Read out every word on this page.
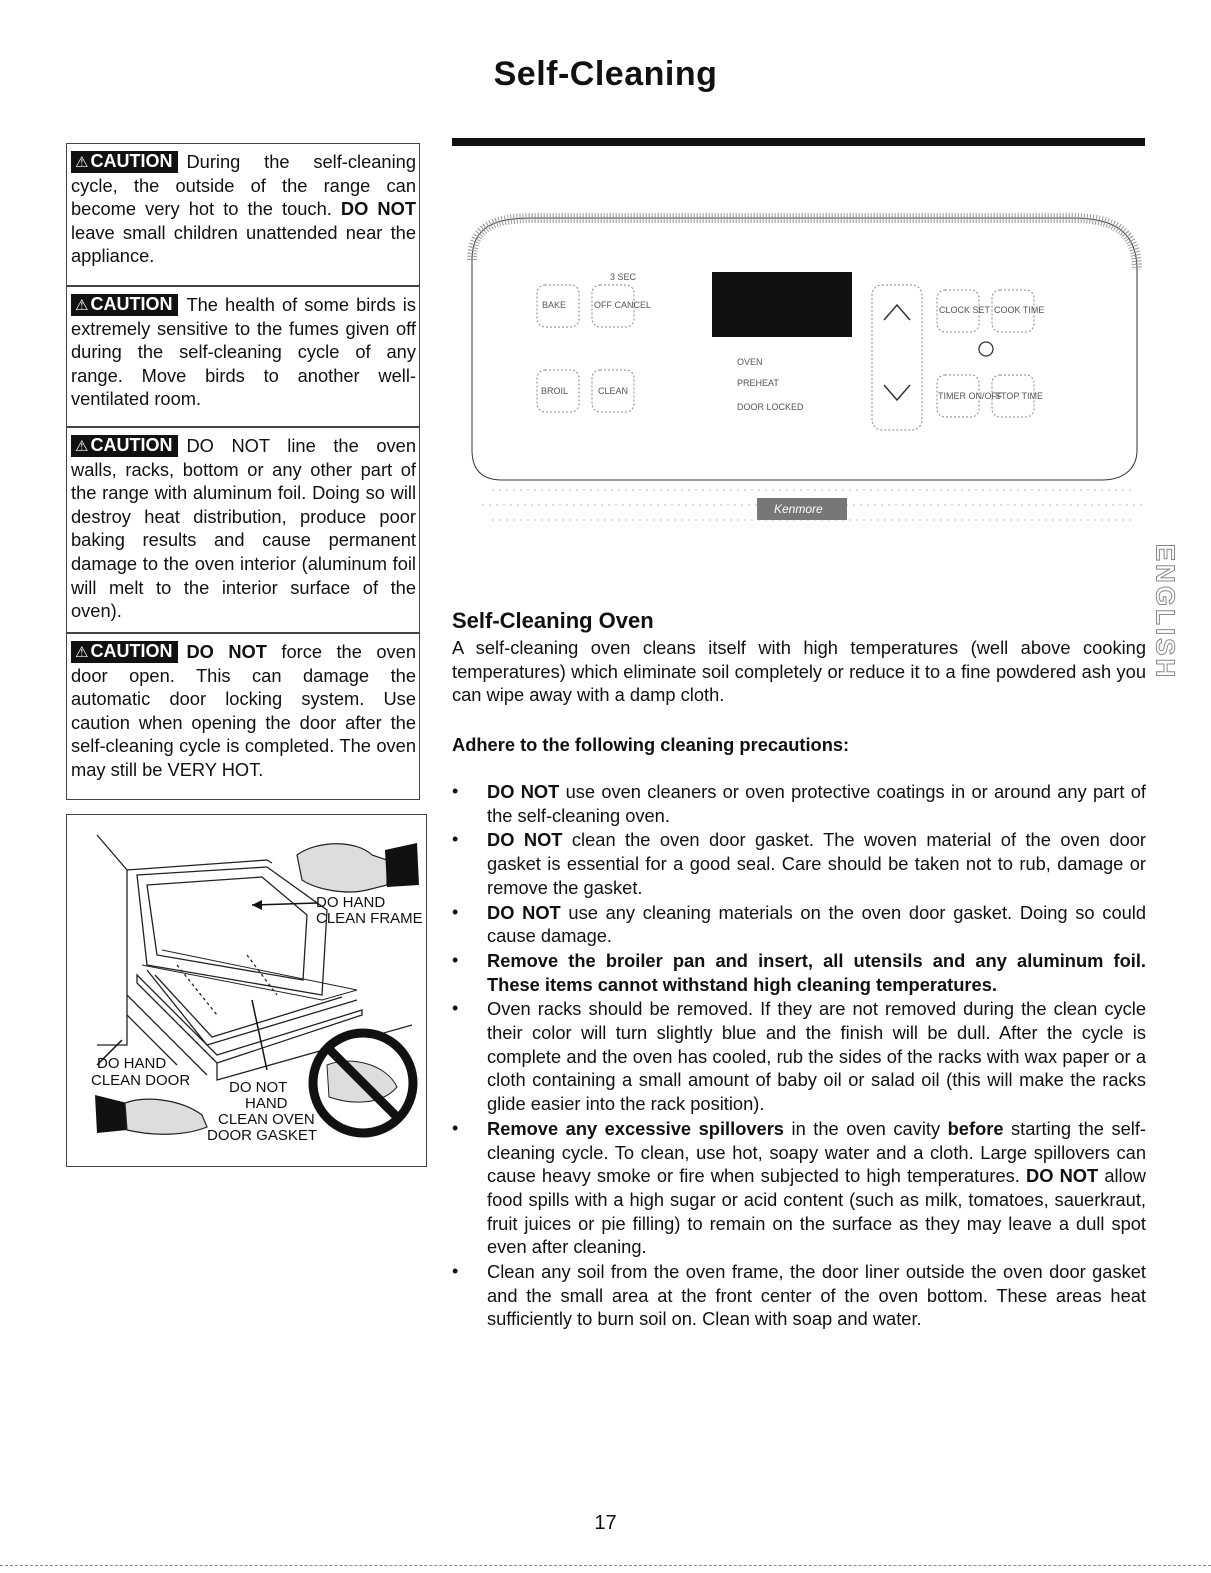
Self-Cleaning
⚠ CAUTION During the self-cleaning cycle, the outside of the range can become very hot to the touch. DO NOT leave small children unattended near the appliance.
⚠ CAUTION The health of some birds is extremely sensitive to the fumes given off during the self-cleaning cycle of any range. Move birds to another well-ventilated room.
⚠ CAUTION DO NOT line the oven walls, racks, bottom or any other part of the range with aluminum foil. Doing so will destroy heat distribution, produce poor baking results and cause permanent damage to the oven interior (aluminum foil will melt to the interior surface of the oven).
⚠ CAUTION DO NOT force the oven door open. This can damage the automatic door locking system. Use caution when opening the door after the self-cleaning cycle is completed. The oven may still be VERY HOT.
DO HAND
CLEAN FRAME
DO HAND
CLEAN DOOR	DO NOT
HAND
CLEAN OVEN
DOOR GASKET
BAKE	OFF CANCEL
BROIL	CLEAN
CLOCK SET COOK TIME
TIMER ON/OFF
STOP TIME
3 SEC
OVEN
PREHEAT
DOOR LOCKED
Kenmore
Self-Cleaning Oven
A self-cleaning oven cleans itself with high temperatures (well above cooking temperatures) which eliminate soil completely or reduce it to a fine powdered ash you can wipe away with a damp cloth.
Adhere to the following cleaning precautions:
• DO NOT use oven cleaners or oven protective coatings in or around any part of the self-cleaning oven.
• DO NOT clean the oven door gasket. The woven material of the oven door gasket is essential for a good seal. Care should be taken not to rub, damage or remove the gasket.
• DO NOT use any cleaning materials on the oven door gasket. Doing so could cause damage.
• Remove the broiler pan and insert, all utensils and any aluminum foil. These items cannot withstand high cleaning temperatures.
• Oven racks should be removed. If they are not removed during the clean cycle their color will turn slightly blue and the finish will be dull. After the cycle is complete and the oven has cooled, rub the sides of the racks with wax paper or a cloth containing a small amount of baby oil or salad oil (this will make the racks glide easier into the rack position).
• Remove any excessive spillovers in the oven cavity before starting the self-cleaning cycle. To clean, use hot, soapy water and a cloth. Large spillovers can cause heavy smoke or fire when subjected to high temperatures. DO NOT allow food spills with a high sugar or acid content (such as milk, tomatoes, sauerkraut, fruit juices or pie filling) to remain on the surface as they may leave a dull spot even after cleaning.
• Clean any soil from the oven frame, the door liner outside the oven door gasket and the small area at the front center of the oven bottom. These areas heat sufficiently to burn soil on. Clean with soap and water.
ENGLISH
17
